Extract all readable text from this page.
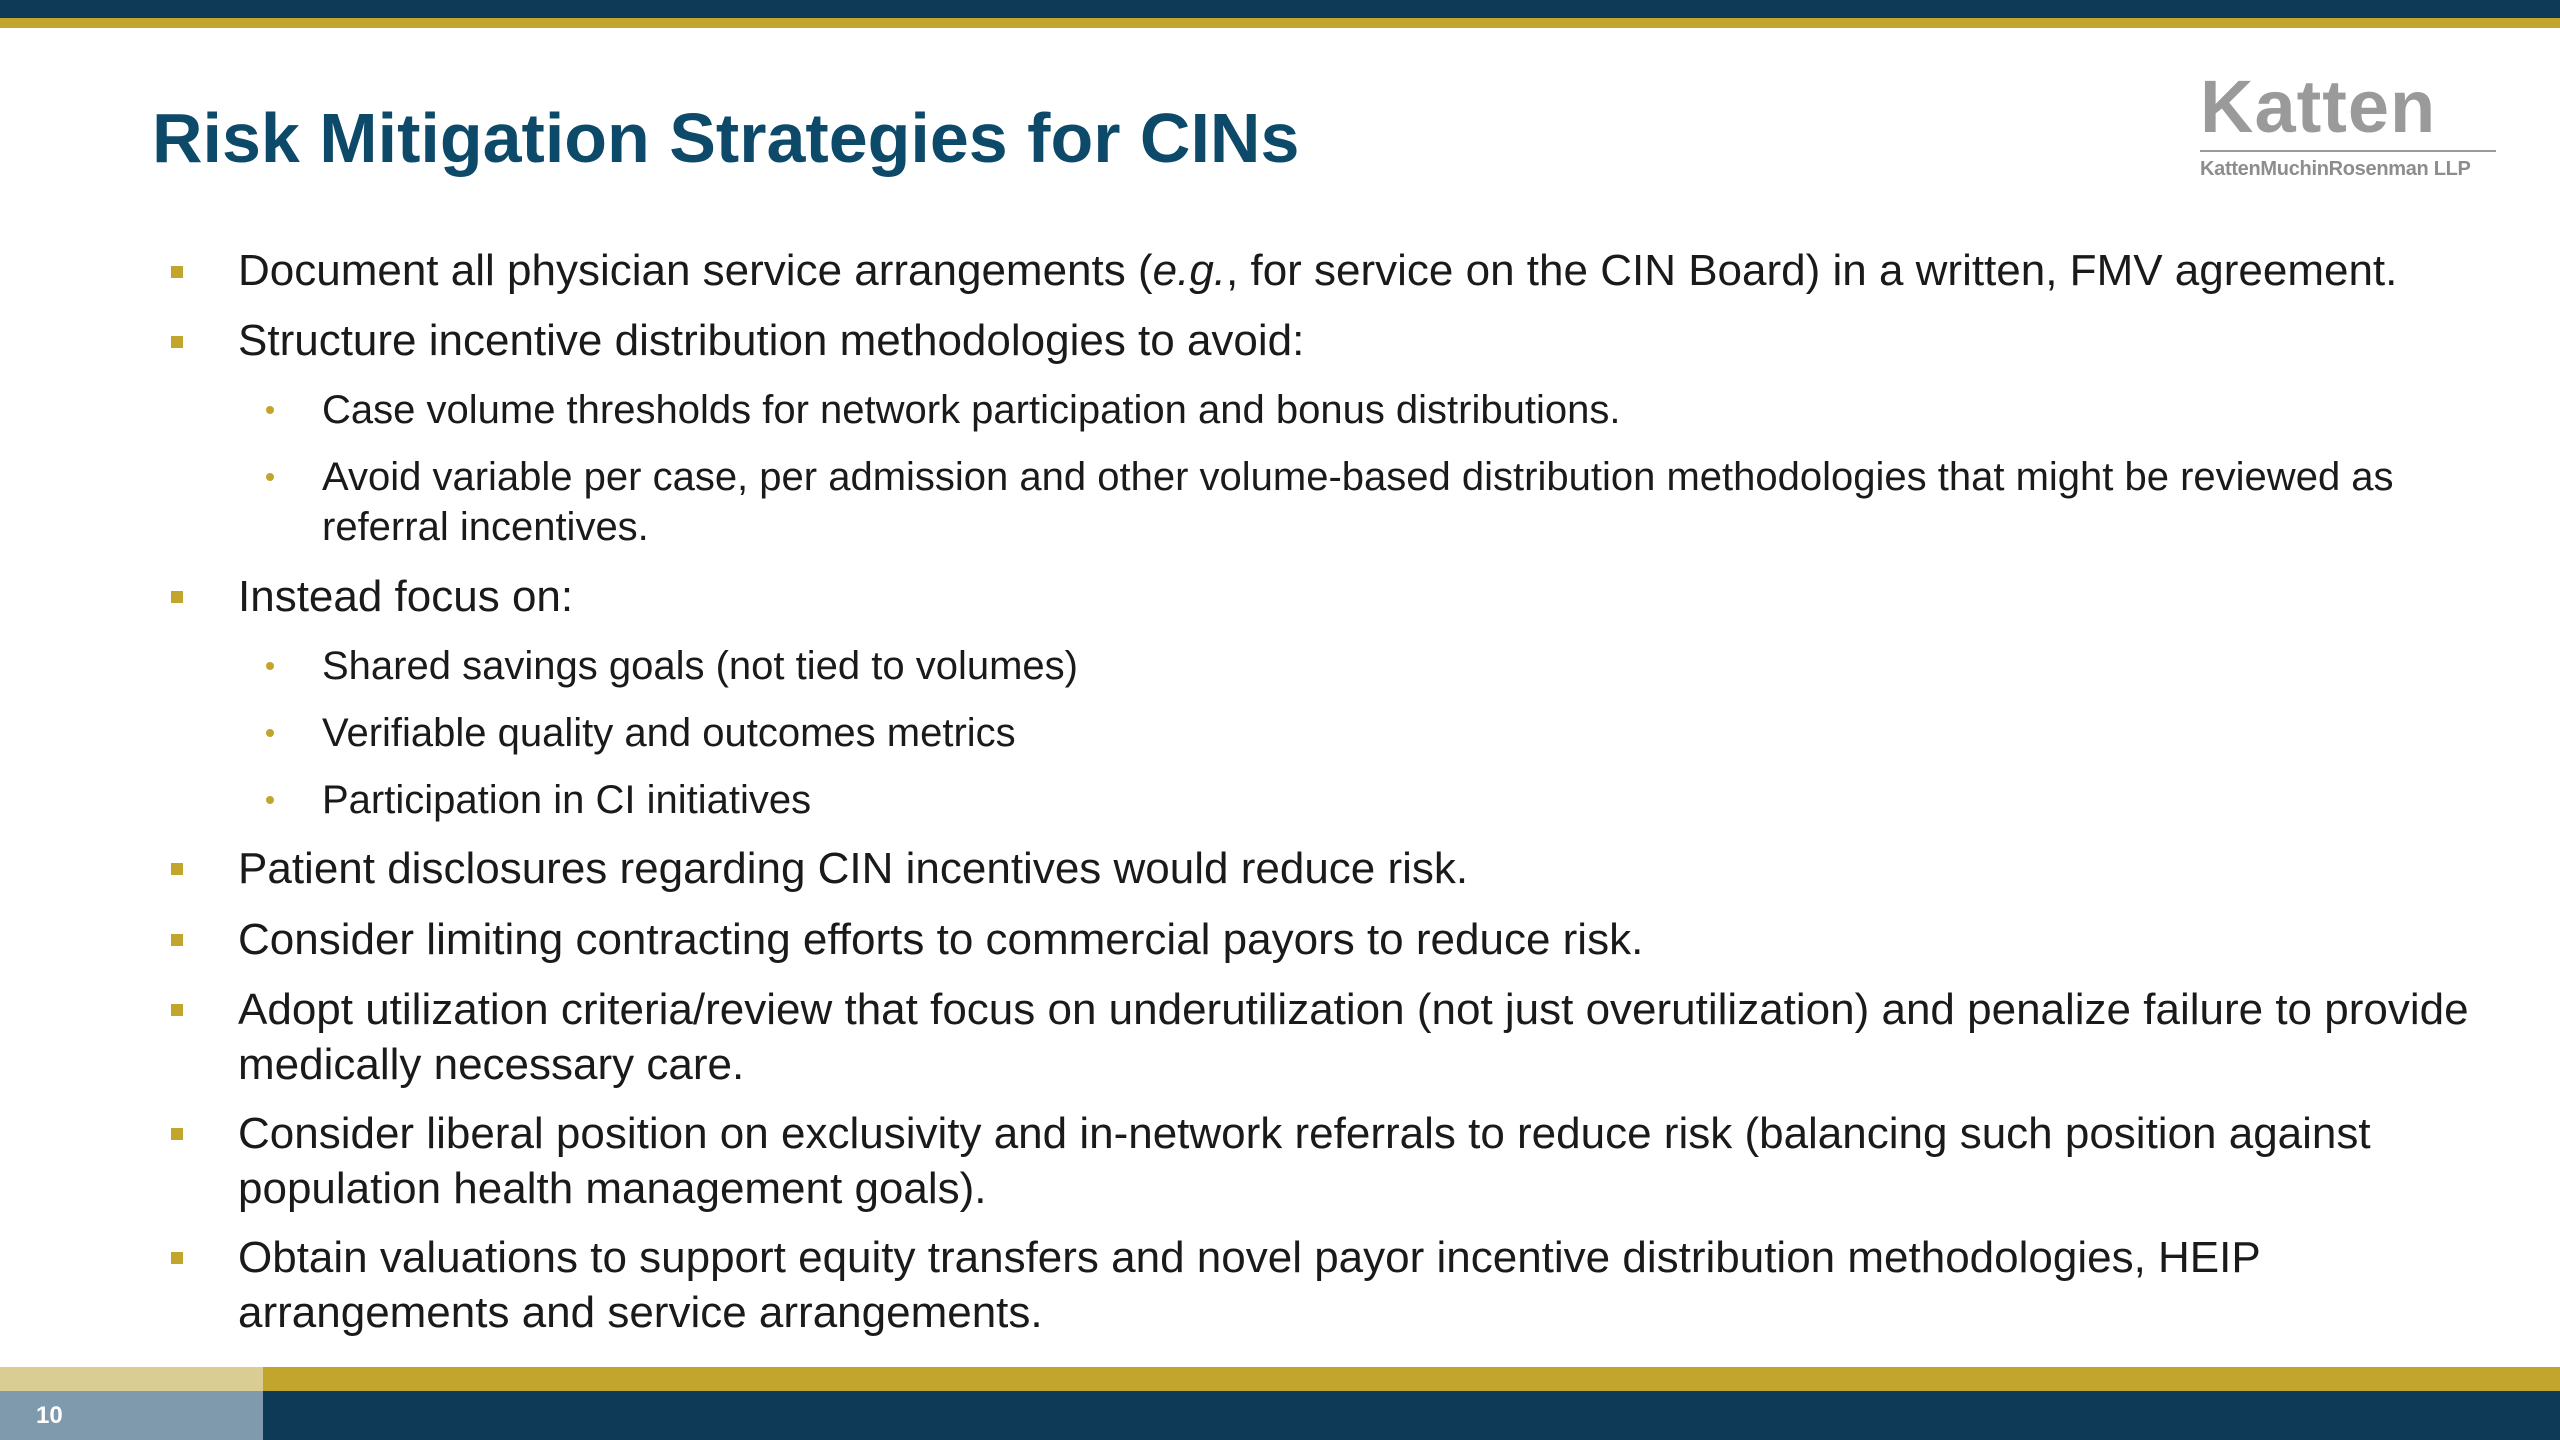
Risk Mitigation Strategies for CINs	Katten
KattenMuchinRosenman LLP
Document all physician service arrangements (e.g., for service on the CIN Board) in a written, FMV agreement.
Structure incentive distribution methodologies to avoid:
Case volume thresholds for network participation and bonus distributions.
Avoid variable per case, per admission and other volume-based distribution methodologies that might be reviewed as referral incentives.
Instead focus on:
Shared savings goals (not tied to volumes)
Verifiable quality and outcomes metrics
Participation in CI initiatives
Patient disclosures regarding CIN incentives would reduce risk.
Consider limiting contracting efforts to commercial payors to reduce risk.
Adopt utilization criteria/review that focus on underutilization (not just overutilization) and penalize failure to provide medically necessary care.
Consider liberal position on exclusivity and in-network referrals to reduce risk (balancing such position against population health management goals).
Obtain valuations to support equity transfers and novel payor incentive distribution methodologies, HEIP arrangements and service arrangements.
10
